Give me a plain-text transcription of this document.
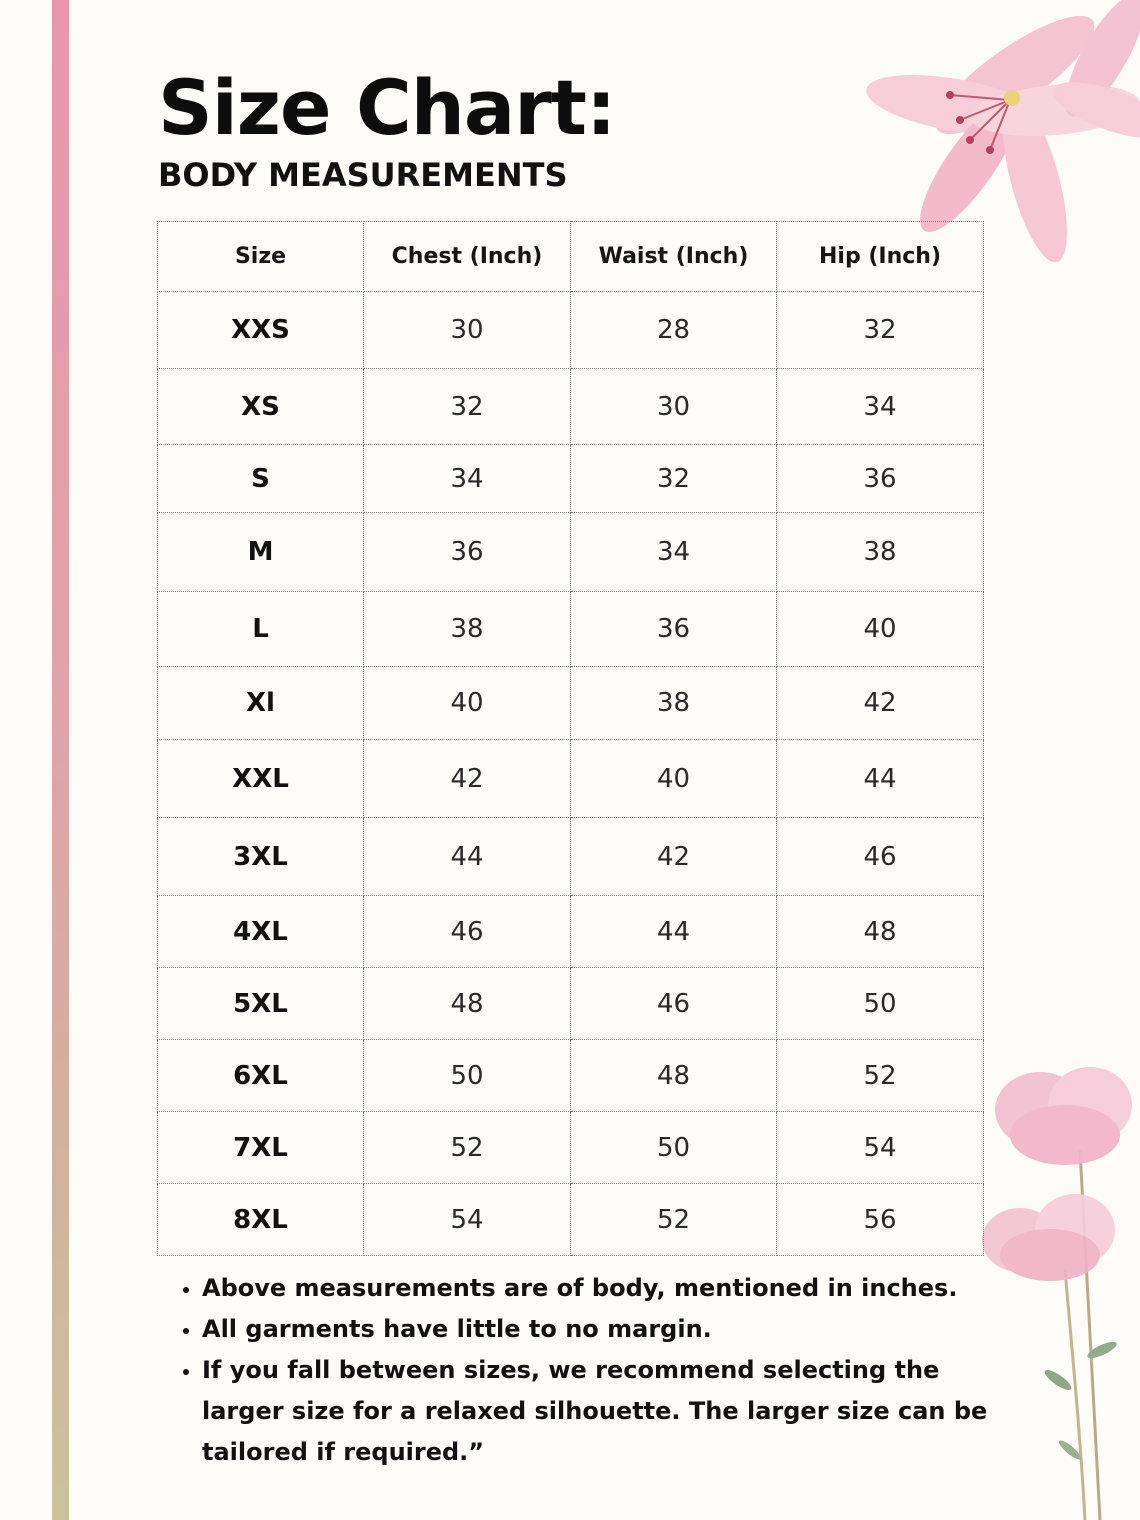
Size Chart:
BODY MEASUREMENTS
Size	Chest (Inch)	Waist (Inch)	Hip (Inch)
XXS	30	28	32
XS	32	30	34
S	34	32	36
M	36	34	38
L	38	36	40
Xl	40	38	42
XXL	42	40	44
3XL	44	42	46
4XL	46	44	48
5XL	48	46	50
6XL	50	48	52
7XL	52	50	54
8XL	54	52	56
• Above measurements are of body, mentioned in inches.
• All garments have little to no margin.
• If you fall between sizes, we recommend selecting the larger size for a relaxed silhouette. The larger size can be tailored if required.”
